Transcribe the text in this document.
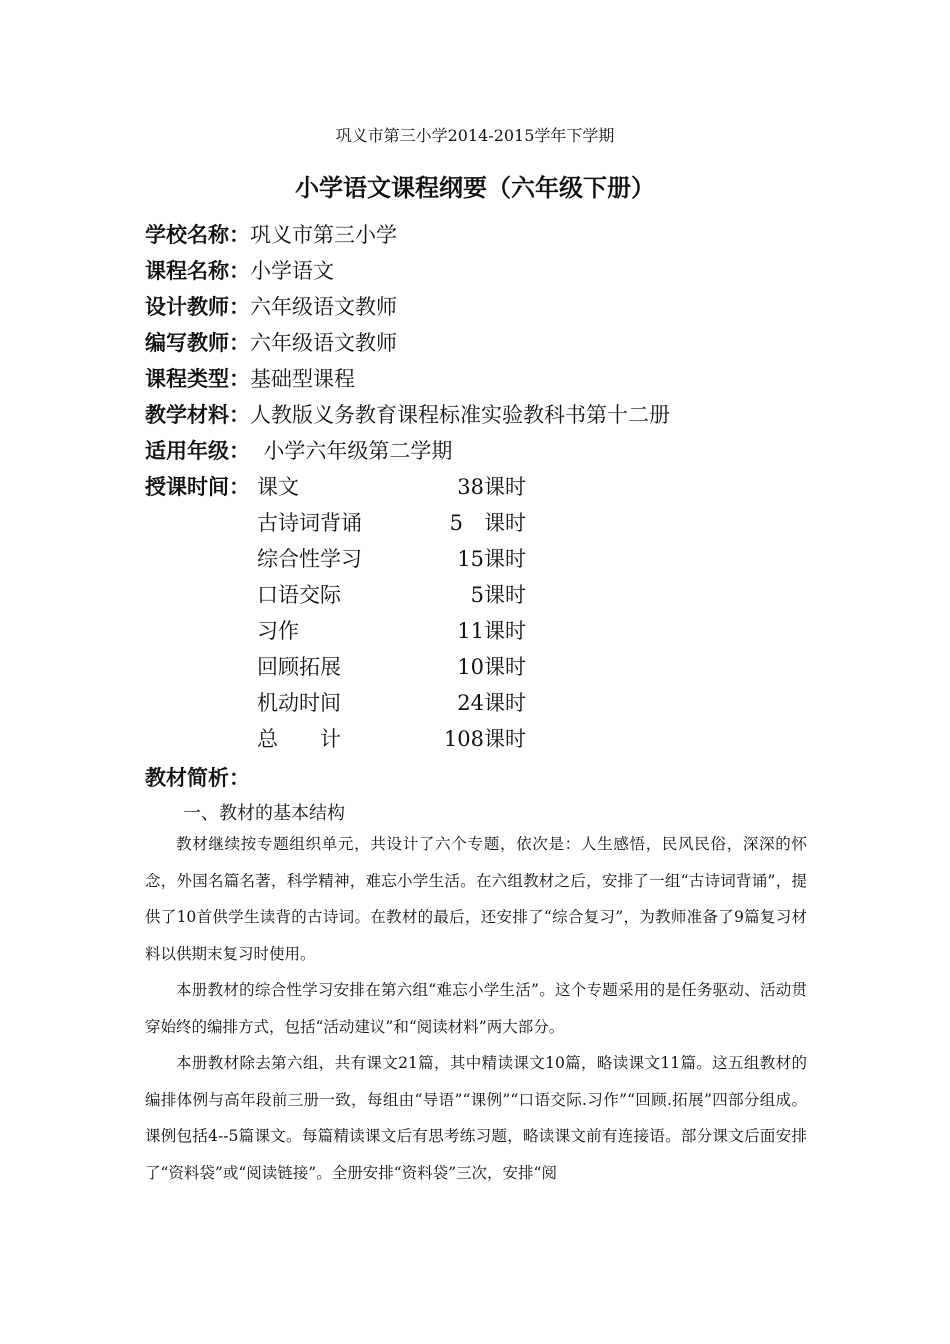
巩义市第三小学2014-2015学年下学期
小学语文课程纲要（六年级下册）
学校名称：巩义市第三小学
课程名称：小学语文
设计教师：六年级语文教师
编写教师：六年级语文教师
课程类型：基础型课程
教学材料：人教版义务教育课程标准实验教科书第十二册
适用年级：  小学六年级第二学期
授课时间： 课文	38课时
古诗词背诵	5　课时
综合性学习	15课时
口语交际	5课时
习作	11课时
回顾拓展	10课时
机动时间	24课时
总　　计	108课时
教材简析：
一、教材的基本结构
教材继续按专题组织单元，共设计了六个专题，依次是：人生感悟，民风民俗，深深的怀念，外国名篇名著，科学精神，难忘小学生活。在六组教材之后，安排了一组“古诗词背诵”，提供了10首供学生读背的古诗词。在教材的最后，还安排了“综合复习”，为教师准备了9篇复习材料以供期末复习时使用。
本册教材的综合性学习安排在第六组“难忘小学生活”。这个专题采用的是任务驱动、活动贯穿始终的编排方式，包括“活动建议”和“阅读材料”两大部分。
本册教材除去第六组，共有课文21篇，其中精读课文10篇，略读课文11篇。这五组教材的编排体例与高年段前三册一致，每组由“导语”“课例”“口语交际.习作”“回顾.拓展”四部分组成。课例包括4--5篇课文。每篇精读课文后有思考练习题，略读课文前有连接语。部分课文后面安排了“资料袋”或“阅读链接”。全册安排“资料袋”三次，安排“阅
